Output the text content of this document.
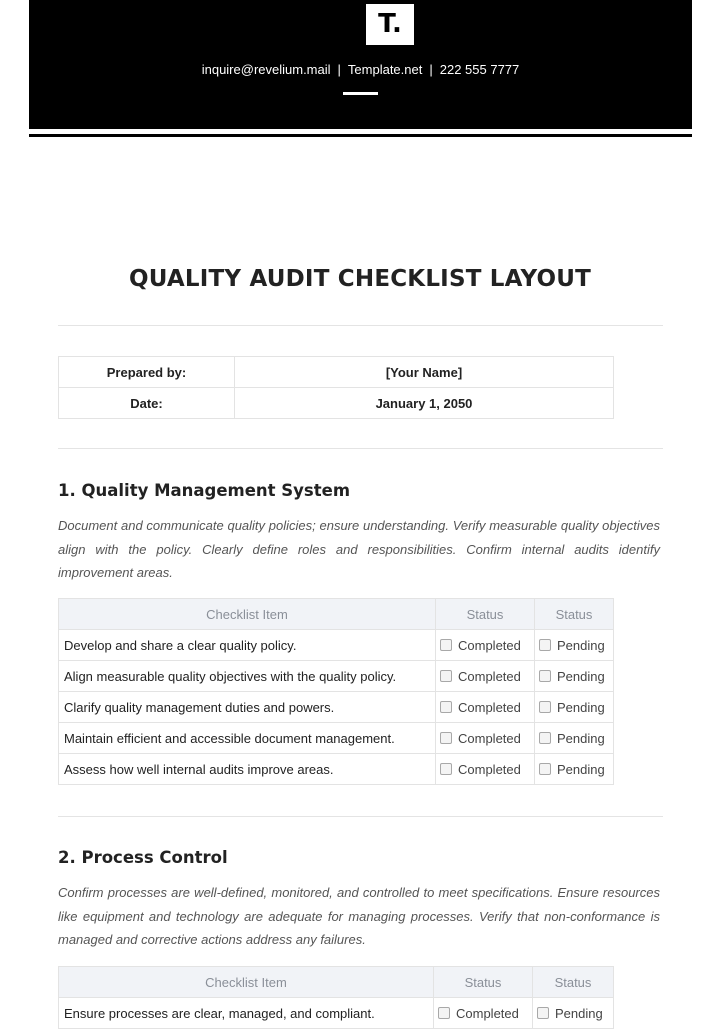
T.
inquire@revelium.mail | Template.net | 222 555 7777
QUALITY AUDIT CHECKLIST LAYOUT
Prepared by:	[Your Name]
Date:	January 1, 2050
1. Quality Management System
Document and communicate quality policies; ensure understanding. Verify measurable quality objectives align with the policy. Clearly define roles and responsibilities. Confirm internal audits identify improvement areas.
Checklist Item	Status	Status
Develop and share a clear quality policy.	Completed	Pending
Align measurable quality objectives with the quality policy.	Completed	Pending
Clarify quality management duties and powers.	Completed	Pending
Maintain efficient and accessible document management.	Completed	Pending
Assess how well internal audits improve areas.	Completed	Pending
2. Process Control
Confirm processes are well-defined, monitored, and controlled to meet specifications. Ensure resources like equipment and technology are adequate for managing processes. Verify that non-conformance is managed and corrective actions address any failures.
Checklist Item	Status	Status
Ensure processes are clear, managed, and compliant.	Completed	Pending
